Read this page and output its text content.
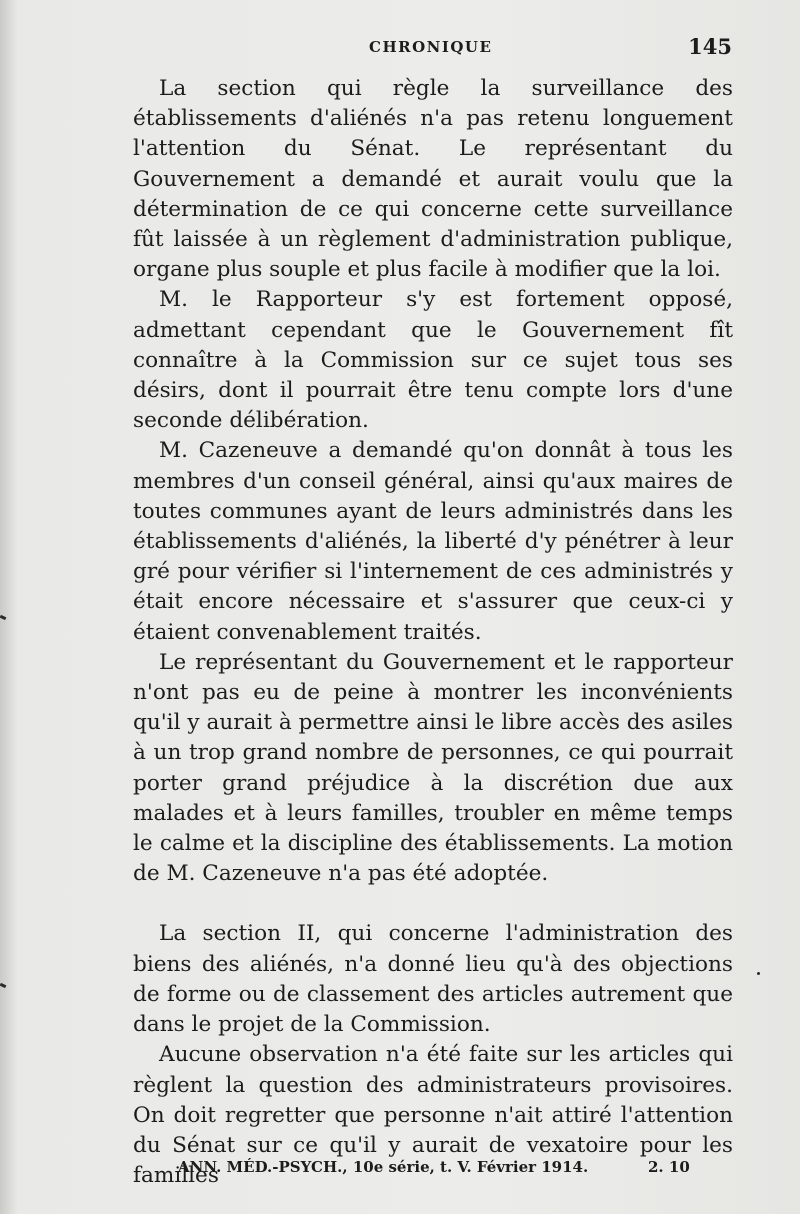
CHRONIQUE	145

La section qui règle la surveillance des établissements d'aliénés n'a pas retenu longuement l'attention du Sénat. Le représentant du Gouvernement a demandé et aurait voulu que la détermination de ce qui concerne cette surveillance fût laissée à un règlement d'administration publique, organe plus souple et plus facile à modifier que la loi.

M. le Rapporteur s'y est fortement opposé, admettant cependant que le Gouvernement fît connaître à la Commission sur ce sujet tous ses désirs, dont il pourrait être tenu compte lors d'une seconde délibération.

M. Cazeneuve a demandé qu'on donnât à tous les membres d'un conseil général, ainsi qu'aux maires de toutes communes ayant de leurs administrés dans les établissements d'aliénés, la liberté d'y pénétrer à leur gré pour vérifier si l'internement de ces administrés y était encore nécessaire et s'assurer que ceux-ci y étaient convenablement traités.

Le représentant du Gouvernement et le rapporteur n'ont pas eu de peine à montrer les inconvénients qu'il y aurait à permettre ainsi le libre accès des asiles à un trop grand nombre de personnes, ce qui pourrait porter grand préjudice à la discrétion due aux malades et à leurs familles, troubler en même temps le calme et la discipline des établissements. La motion de M. Cazeneuve n'a pas été adoptée.

La section II, qui concerne l'administration des biens des aliénés, n'a donné lieu qu'à des objections de forme ou de classement des articles autrement que dans le projet de la Commission.

Aucune observation n'a été faite sur les articles qui règlent la question des administrateurs provisoires. On doit regretter que personne n'ait attiré l'attention du Sénat sur ce qu'il y aurait de vexatoire pour les familles

ANN. MÉD.-PSYCH., 10e série, t. V. Février 1914.	2. 10
